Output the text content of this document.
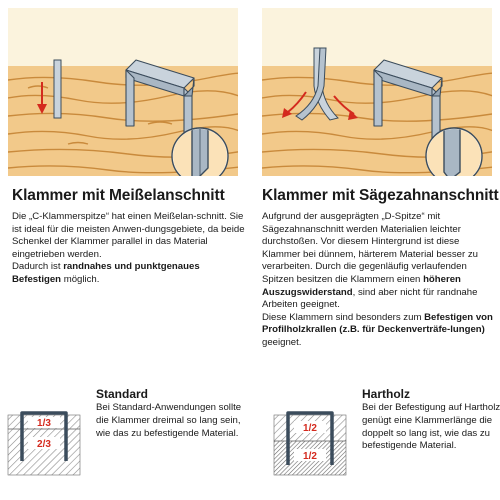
Klammer mit Meißelanschnitt

Die „C-Klammerspitze“ hat einen Meißelan-schnitt. Sie ist ideal für die meisten Anwen-dungsgebiete, da beide Schenkel der Klammer parallel in das Material eingetrieben werden.

Dadurch ist randnahes und punktgenaues Befestigen möglich.

Klammer mit Sägezahnanschnitt

Aufgrund der ausgeprägten „D-Spitze“ mit Sägezahnanschnitt werden Materialien leichter durchstoßen. Vor diesem Hintergrund ist diese Klammer bei dünnem, härterem Material besser zu verarbeiten. Durch die gegenläufig verlaufenden Spitzen besitzen die Klammern einen höheren Auszugswiderstand, sind aber nicht für randnahe Arbeiten geeignet.

Diese Klammern sind besonders zum Befestigen von Profilholzkrallen (z.B. für Deckenverträfe-lungen) geeignet.

1/3
2/3

Standard

Bei Standard-Anwendungen sollte die Klammer dreimal so lang sein, wie das zu befestigende Material.	1/2
1/2

Hartholz

Bei der Befestigung auf Hartholz genügt eine Klammerlänge die doppelt so lang ist, wie das zu befestigende Material.
